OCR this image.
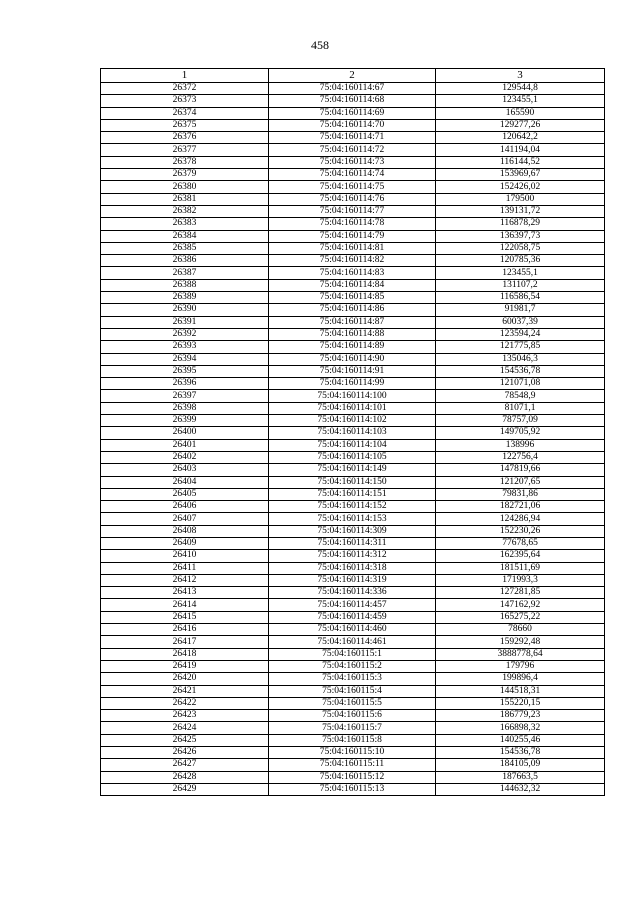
458
1	2	3
26372	75:04:160114:67	129544,8
26373	75:04:160114:68	123455,1
26374	75:04:160114:69	165590
26375	75:04:160114:70	129277,26
26376	75:04:160114:71	120642,2
26377	75:04:160114:72	141194,04
26378	75:04:160114:73	116144,52
26379	75:04:160114:74	153969,67
26380	75:04:160114:75	152426,02
26381	75:04:160114:76	179500
26382	75:04:160114:77	139131,72
26383	75:04:160114:78	116878,29
26384	75:04:160114:79	136397,73
26385	75:04:160114:81	122058,75
26386	75:04:160114:82	120785,36
26387	75:04:160114:83	123455,1
26388	75:04:160114:84	131107,2
26389	75:04:160114:85	116586,54
26390	75:04:160114:86	91981,7
26391	75:04:160114:87	60037,39
26392	75:04:160114:88	123594,24
26393	75:04:160114:89	121775,85
26394	75:04:160114:90	135046,3
26395	75:04:160114:91	154536,78
26396	75:04:160114:99	121071,08
26397	75:04:160114:100	78548,9
26398	75:04:160114:101	81071,1
26399	75:04:160114:102	78757,09
26400	75:04:160114:103	149705,92
26401	75:04:160114:104	138996
26402	75:04:160114:105	122756,4
26403	75:04:160114:149	147819,66
26404	75:04:160114:150	121207,65
26405	75:04:160114:151	79831,86
26406	75:04:160114:152	182721,06
26407	75:04:160114:153	124286,94
26408	75:04:160114:309	152230,26
26409	75:04:160114:311	77678,65
26410	75:04:160114:312	162395,64
26411	75:04:160114:318	181511,69
26412	75:04:160114:319	171993,3
26413	75:04:160114:336	127281,85
26414	75:04:160114:457	147162,92
26415	75:04:160114:459	165275,22
26416	75:04:160114:460	78660
26417	75:04:160114:461	159292,48
26418	75:04:160115:1	3888778,64
26419	75:04:160115:2	179796
26420	75:04:160115:3	199896,4
26421	75:04:160115:4	144518,31
26422	75:04:160115:5	155220,15
26423	75:04:160115:6	186779,23
26424	75:04:160115:7	166898,32
26425	75:04:160115:8	140255,46
26426	75:04:160115:10	154536,78
26427	75:04:160115:11	184105,09
26428	75:04:160115:12	187663,5
26429	75:04:160115:13	144632,32
